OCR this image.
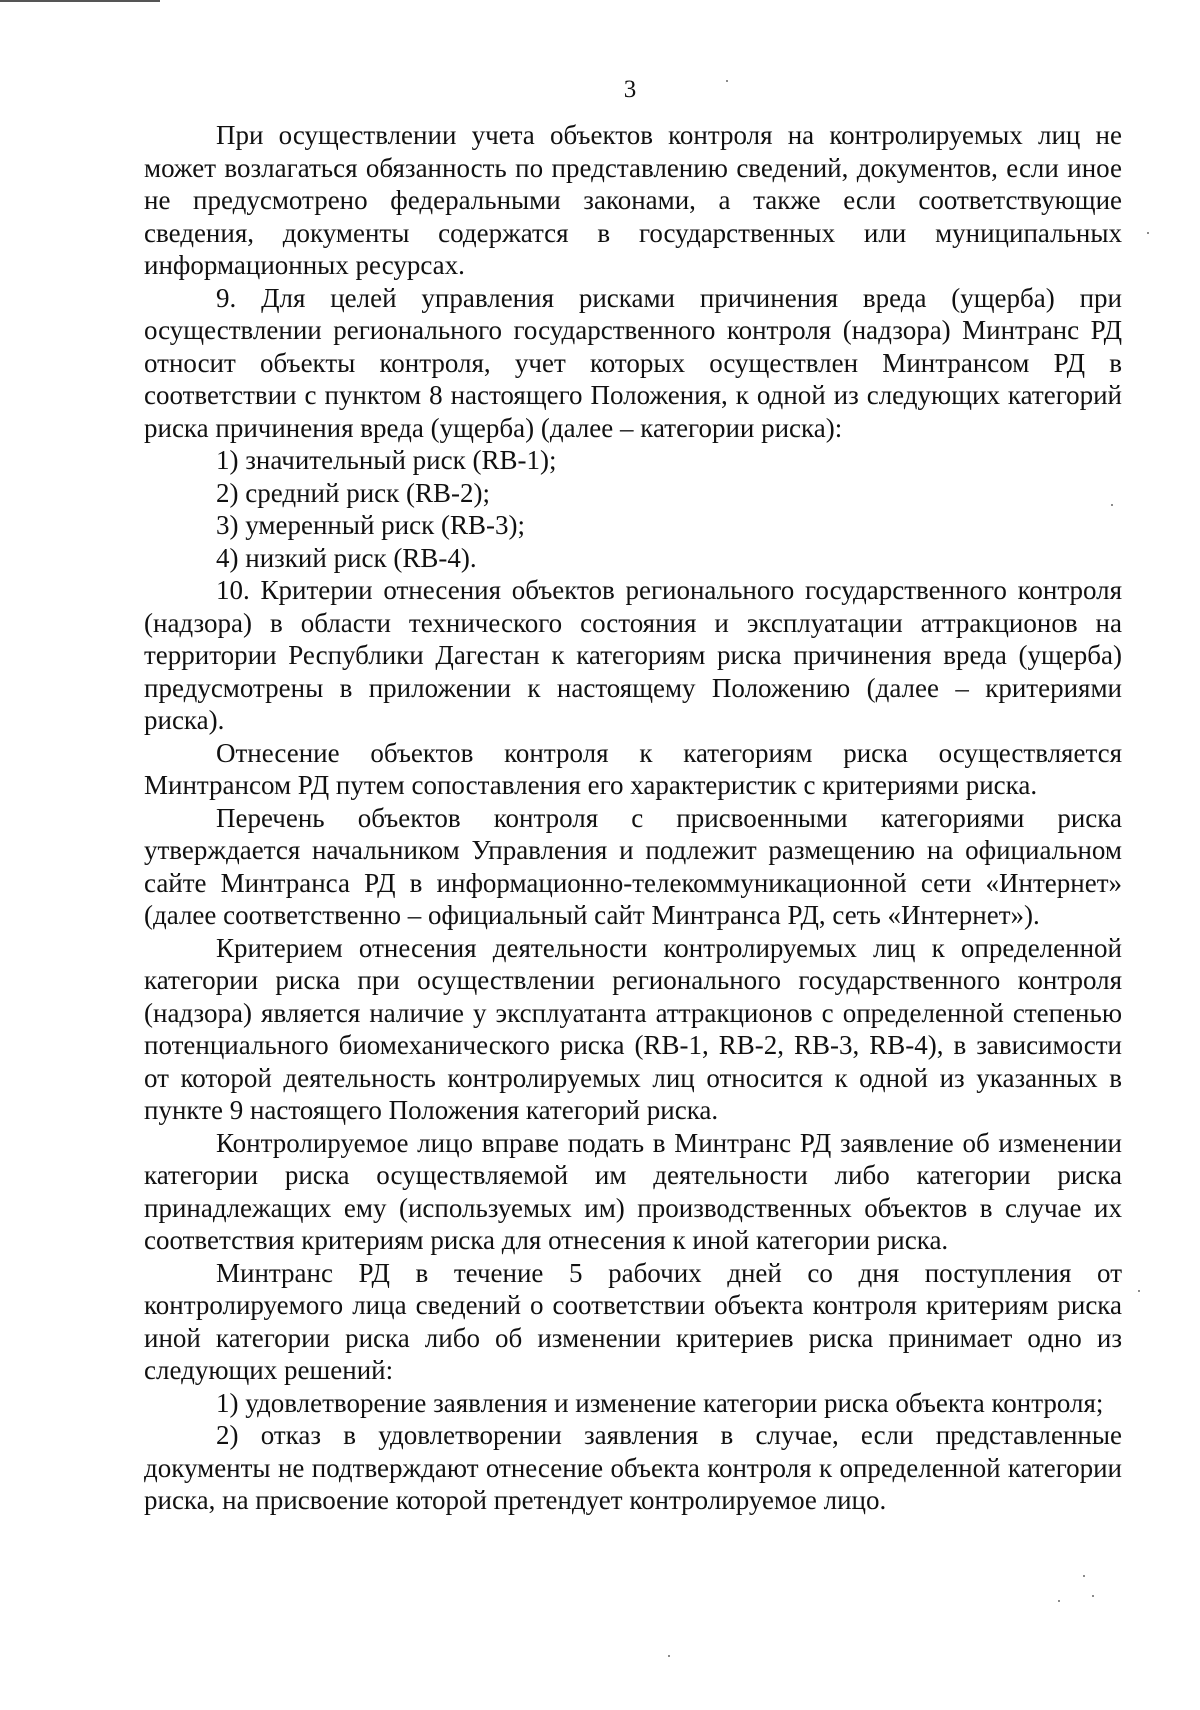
3

При осуществлении учета объектов контроля на контролируемых лиц не может возлагаться обязанность по представлению сведений, документов, если иное не предусмотрено федеральными законами, а также если соответствующие сведения, документы содержатся в государственных или муниципальных информационных ресурсах.

9. Для целей управления рисками причинения вреда (ущерба) при осуществлении регионального государственного контроля (надзора) Минтранс РД относит объекты контроля, учет которых осуществлен Минтрансом РД в соответствии с пунктом 8 настоящего Положения, к одной из следующих категорий риска причинения вреда (ущерба) (далее – категории риска):

1) значительный риск (RB-1);

2) средний риск (RB-2);

3) умеренный риск (RB-3);

4) низкий риск (RB-4).

10. Критерии отнесения объектов регионального государственного контроля (надзора) в области технического состояния и эксплуатации аттракционов на территории Республики Дагестан к категориям риска причинения вреда (ущерба) предусмотрены в приложении к настоящему Положению (далее – критериями риска).

Отнесение объектов контроля к категориям риска осуществляется Минтрансом РД путем сопоставления его характеристик с критериями риска.

Перечень объектов контроля с присвоенными категориями риска утверждается начальником Управления и подлежит размещению на официальном сайте Минтранса РД в информационно-телекоммуникационной сети «Интернет» (далее соответственно – официальный сайт Минтранса РД, сеть «Интернет»).

Критерием отнесения деятельности контролируемых лиц к определенной категории риска при осуществлении регионального государственного контроля (надзора) является наличие у эксплуатанта аттракционов с определенной степенью потенциального биомеханического риска (RB-1, RB-2, RB-3, RB-4), в зависимости от которой деятельность контролируемых лиц относится к одной из указанных в пункте 9 настоящего Положения категорий риска.

Контролируемое лицо вправе подать в Минтранс РД заявление об изменении категории риска осуществляемой им деятельности либо категории риска принадлежащих ему (используемых им) производственных объектов в случае их соответствия критериям риска для отнесения к иной категории риска.

Минтранс РД в течение 5 рабочих дней со дня поступления от контролируемого лица сведений о соответствии объекта контроля критериям риска иной категории риска либо об изменении критериев риска принимает одно из следующих решений:

1) удовлетворение заявления и изменение категории риска объекта контроля;

2) отказ в удовлетворении заявления в случае, если представленные документы не подтверждают отнесение объекта контроля к определенной категории риска, на присвоение которой претендует контролируемое лицо.
